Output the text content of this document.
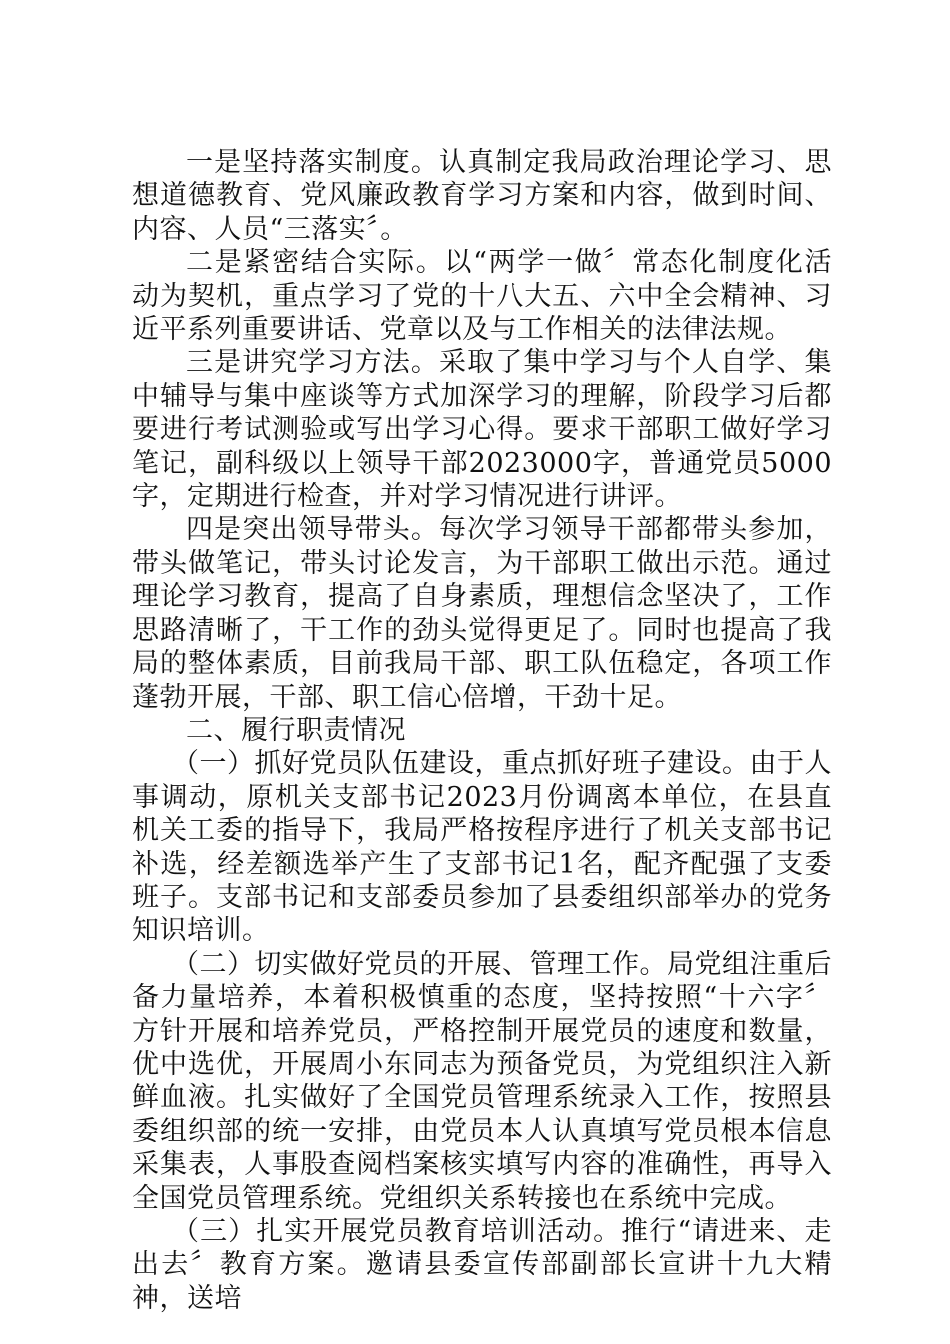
一是坚持落实制度。认真制定我局政治理论学习、思想道德教育、党风廉政教育学习方案和内容，做到时间、内容、人员“三落实〞。

二是紧密结合实际。以“两学一做〞常态化制度化活动为契机，重点学习了党的十八大五、六中全会精神、习近平系列重要讲话、党章以及与工作相关的法律法规。

三是讲究学习方法。采取了集中学习与个人自学、集中辅导与集中座谈等方式加深学习的理解，阶段学习后都要进行考试测验或写出学习心得。要求干部职工做好学习笔记，副科级以上领导干部2023000字，普通党员5000字，定期进行检查，并对学习情况进行讲评。

四是突出领导带头。每次学习领导干部都带头参加，带头做笔记，带头讨论发言，为干部职工做出示范。通过理论学习教育，提高了自身素质，理想信念坚决了，工作思路清晰了，干工作的劲头觉得更足了。同时也提高了我局的整体素质，目前我局干部、职工队伍稳定，各项工作蓬勃开展，干部、职工信心倍增，干劲十足。

二、履行职责情况

（一）抓好党员队伍建设，重点抓好班子建设。由于人事调动，原机关支部书记2023月份调离本单位，在县直机关工委的指导下，我局严格按程序进行了机关支部书记补选，经差额选举产生了支部书记1名，配齐配强了支委班子。支部书记和支部委员参加了县委组织部举办的党务知识培训。

（二）切实做好党员的开展、管理工作。局党组注重后备力量培养，本着积极慎重的态度，坚持按照“十六字〞方针开展和培养党员，严格控制开展党员的速度和数量，优中选优，开展周小东同志为预备党员，为党组织注入新鲜血液。扎实做好了全国党员管理系统录入工作，按照县委组织部的统一安排，由党员本人认真填写党员根本信息采集表，人事股查阅档案核实填写内容的准确性，再导入全国党员管理系统。党组织关系转接也在系统中完成。

（三）扎实开展党员教育培训活动。推行“请进来、走出去〞教育方案。邀请县委宣传部副部长宣讲十九大精神，送培
